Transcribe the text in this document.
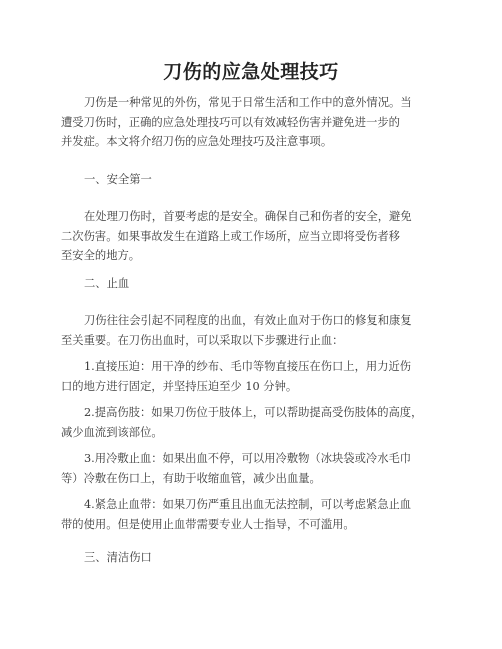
刀伤的应急处理技巧
刀伤是一种常见的外伤，常见于日常生活和工作中的意外情况。当
遭受刀伤时，正确的应急处理技巧可以有效减轻伤害并避免进一步的
并发症。本文将介绍刀伤的应急处理技巧及注意事项。
一、安全第一
在处理刀伤时，首要考虑的是安全。确保自己和伤者的安全，避免
二次伤害。如果事故发生在道路上或工作场所，应当立即将受伤者移
至安全的地方。
二、止血
刀伤往往会引起不同程度的出血，有效止血对于伤口的修复和康复
至关重要。在刀伤出血时，可以采取以下步骤进行止血：
1.直接压迫：用干净的纱布、毛巾等物直接压在伤口上，用力近伤
口的地方进行固定，并坚持压迫至少 10 分钟。
2.提高伤肢：如果刀伤位于肢体上，可以帮助提高受伤肢体的高度，
减少血流到该部位。
3.用冷敷止血：如果出血不停，可以用冷敷物（冰块袋或冷水毛巾
等）冷敷在伤口上，有助于收缩血管，减少出血量。
4.紧急止血带：如果刀伤严重且出血无法控制，可以考虑紧急止血
带的使用。但是使用止血带需要专业人士指导，不可滥用。
三、清洁伤口
